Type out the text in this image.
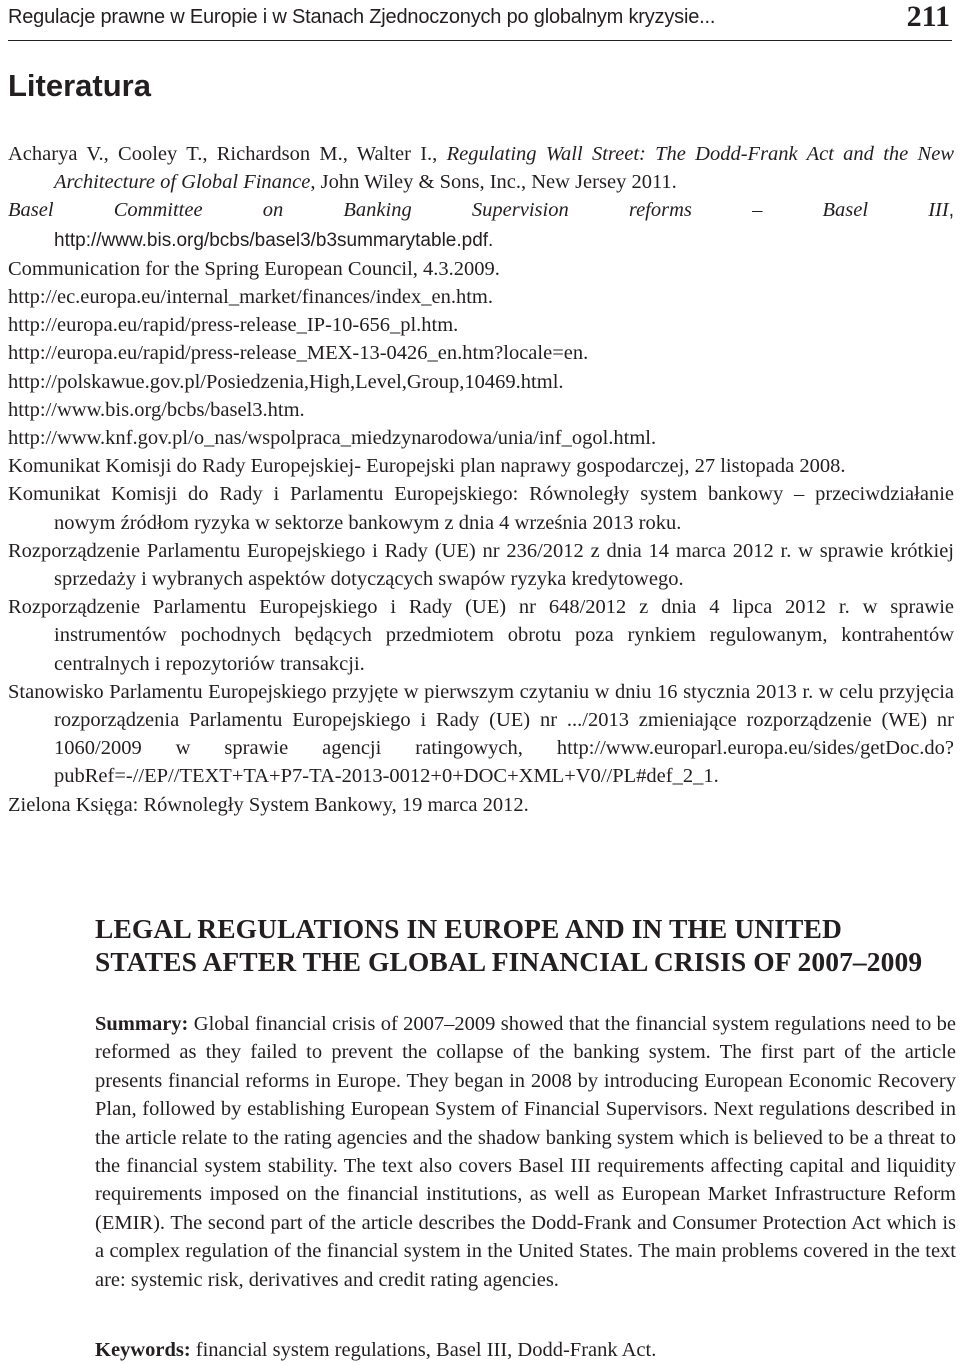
Regulacje prawne w Europie i w Stanach Zjednoczonych po globalnym kryzysie...	211
Literatura
Acharya V., Cooley T., Richardson M., Walter I., Regulating Wall Street: The Dodd-Frank Act and the New Architecture of Global Finance, John Wiley & Sons, Inc., New Jersey 2011.
Basel Committee on Banking Supervision reforms – Basel III, http://www.bis.org/bcbs/basel3/b3summarytable.pdf.
Communication for the Spring European Council, 4.3.2009.
http://ec.europa.eu/internal_market/finances/index_en.htm.
http://europa.eu/rapid/press-release_IP-10-656_pl.htm.
http://europa.eu/rapid/press-release_MEX-13-0426_en.htm?locale=en.
http://polskawue.gov.pl/Posiedzenia,High,Level,Group,10469.html.
http://www.bis.org/bcbs/basel3.htm.
http://www.knf.gov.pl/o_nas/wspolpraca_miedzynarodowa/unia/inf_ogol.html.
Komunikat Komisji do Rady Europejskiej- Europejski plan naprawy gospodarczej, 27 listopada 2008.
Komunikat Komisji do Rady i Parlamentu Europejskiego: Równoległy system bankowy – przeciwdziałanie nowym źródłom ryzyka w sektorze bankowym z dnia 4 września 2013 roku.
Rozporządzenie Parlamentu Europejskiego i Rady (UE) nr 236/2012 z dnia 14 marca 2012 r. w sprawie krótkiej sprzedaży i wybranych aspektów dotyczących swapów ryzyka kredytowego.
Rozporządzenie Parlamentu Europejskiego i Rady (UE) nr 648/2012 z dnia 4 lipca 2012 r. w sprawie instrumentów pochodnych będących przedmiotem obrotu poza rynkiem regulowanym, kontrahentów centralnych i repozytoriów transakcji.
Stanowisko Parlamentu Europejskiego przyjęte w pierwszym czytaniu w dniu 16 stycznia 2013 r. w celu przyjęcia rozporządzenia Parlamentu Europejskiego i Rady (UE) nr .../2013 zmieniające rozporządzenie (WE) nr 1060/2009 w sprawie agencji ratingowych, http://www.europarl.europa.eu/sides/getDoc.do?pubRef=-//EP//TEXT+TA+P7-TA-2013-0012+0+DOC+XML+V0//PL#def_2_1.
Zielona Księga: Równoległy System Bankowy, 19 marca 2012.
LEGAL REGULATIONS IN EUROPE AND IN THE UNITED
STATES AFTER THE GLOBAL FINANCIAL CRISIS OF 2007–2009

Summary: Global financial crisis of 2007–2009 showed that the financial system regulations need to be reformed as they failed to prevent the collapse of the banking system. The first part of the article presents financial reforms in Europe. They began in 2008 by introducing European Economic Recovery Plan, followed by establishing European System of Financial Supervisors. Next regulations described in the article relate to the rating agencies and the shadow banking system which is believed to be a threat to the financial system stability. The text also covers Basel III requirements affecting capital and liquidity requirements imposed on the financial institutions, as well as European Market Infrastructure Reform (EMIR). The second part of the article describes the Dodd-Frank and Consumer Protection Act which is a complex regulation of the financial system in the United States. The main problems covered in the text are: systemic risk, derivatives and credit rating agencies.

Keywords: financial system regulations, Basel III, Dodd-Frank Act.
